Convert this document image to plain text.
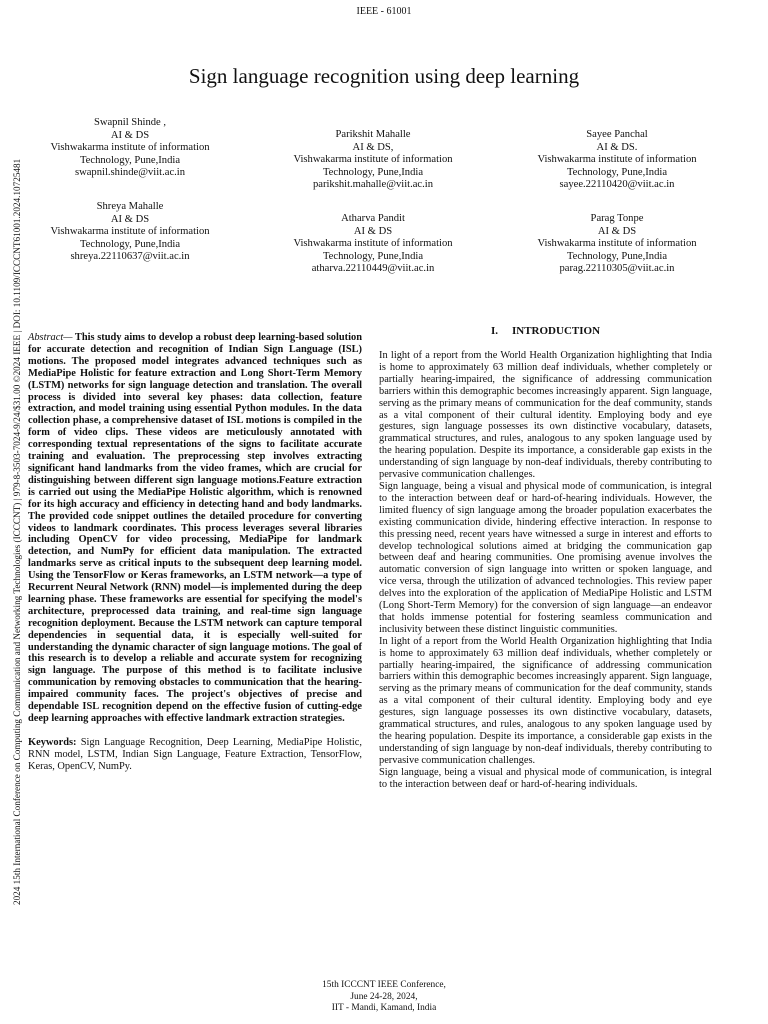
IEEE - 61001
2024 15th International Conference on Computing Communication and Networking Technologies (ICCCNT) | 979-8-3503-7024-9/24/$31.00 ©2024 IEEE | DOI: 10.1109/ICCCNT61001.2024.10725481
Sign language recognition using deep learning
Swapnil Shinde ,
AI & DS
Vishwakarma institute of information
Technology, Pune,India
swapnil.shinde@viit.ac.in
Parikshit Mahalle
AI & DS,
Vishwakarma institute of information
Technology, Pune,India
parikshit.mahalle@viit.ac.in
Sayee Panchal
AI & DS.
Vishwakarma institute of information
Technology, Pune,India
sayee.22110420@viit.ac.in
Shreya Mahalle
AI & DS
Vishwakarma institute of information
Technology, Pune,India
shreya.22110637@viit.ac.in
Atharva Pandit
AI & DS
Vishwakarma institute of information
Technology, Pune,India
atharva.22110449@viit.ac.in
Parag Tonpe
AI & DS
Vishwakarma institute of information
Technology, Pune,India
parag.22110305@viit.ac.in

Abstract— This study aims to develop a robust deep learning-based solution for accurate detection and recognition of Indian Sign Language (ISL) motions. The proposed model integrates advanced techniques such as MediaPipe Holistic for feature extraction and Long Short-Term Memory (LSTM) networks for sign language detection and translation. The overall process is divided into several key phases: data collection, feature extraction, and model training using essential Python modules. In the data collection phase, a comprehensive dataset of ISL motions is compiled in the form of video clips. These videos are meticulously annotated with corresponding textual representations of the signs to facilitate accurate training and evaluation. The preprocessing step involves extracting significant hand landmarks from the video frames, which are crucial for distinguishing between different sign language motions.Feature extraction is carried out using the MediaPipe Holistic algorithm, which is renowned for its high accuracy and efficiency in detecting hand and body landmarks. The provided code snippet outlines the detailed procedure for converting videos to landmark coordinates. This process leverages several libraries including OpenCV for video processing, MediaPipe for landmark detection, and NumPy for efficient data manipulation. The extracted landmarks serve as critical inputs to the subsequent deep learning model. Using the TensorFlow or Keras frameworks, an LSTM network—a type of Recurrent Neural Network (RNN) model—is implemented during the deep learning phase. These frameworks are essential for specifying the model's architecture, preprocessed data training, and real-time sign language recognition deployment. Because the LSTM network can capture temporal dependencies in sequential data, it is especially well-suited for understanding the dynamic character of sign language motions. The goal of this research is to develop a reliable and accurate system for recognizing sign language. The purpose of this method is to facilitate inclusive communication by removing obstacles to communication that the hearing-impaired community faces. The project's objectives of precise and dependable ISL recognition depend on the effective fusion of cutting-edge deep learning approaches with effective landmark extraction strategies.

Keywords: Sign Language Recognition, Deep Learning, MediaPipe Holistic, RNN model, LSTM, Indian Sign Language, Feature Extraction, TensorFlow, Keras, OpenCV, NumPy.

I. INTRODUCTION

In light of a report from the World Health Organization highlighting that India is home to approximately 63 million deaf individuals, whether completely or partially hearing-impaired, the significance of addressing communication barriers within this demographic becomes increasingly apparent. Sign language, serving as the primary means of communication for the deaf community, stands as a vital component of their cultural identity. Employing body and eye gestures, sign language possesses its own distinctive vocabulary, datasets, grammatical structures, and rules, analogous to any spoken language used by the hearing population. Despite its importance, a considerable gap exists in the understanding of sign language by non-deaf individuals, thereby contributing to pervasive communication challenges.

Sign language, being a visual and physical mode of communication, is integral to the interaction between deaf or hard-of-hearing individuals. However, the limited fluency of sign language among the broader population exacerbates the existing communication divide, hindering effective interaction. In response to this pressing need, recent years have witnessed a surge in interest and efforts to develop technological solutions aimed at bridging the communication gap between deaf and hearing communities. One promising avenue involves the automatic conversion of sign language into written or spoken language, and vice versa, through the utilization of advanced technologies. This review paper delves into the exploration of the application of MediaPipe Holistic and LSTM (Long Short-Term Memory) for the conversion of sign language—an endeavor that holds immense potential for fostering seamless communication and inclusivity between these distinct linguistic communities.

In light of a report from the World Health Organization highlighting that India is home to approximately 63 million deaf individuals, whether completely or partially hearing-impaired, the significance of addressing communication barriers within this demographic becomes increasingly apparent. Sign language, serving as the primary means of communication for the deaf community, stands as a vital component of their cultural identity. Employing body and eye gestures, sign language possesses its own distinctive vocabulary, datasets, grammatical structures, and rules, analogous to any spoken language used by the hearing population. Despite its importance, a considerable gap exists in the understanding of sign language by non-deaf individuals, thereby contributing to pervasive communication challenges.

Sign language, being a visual and physical mode of communication, is integral to the interaction between deaf or hard-of-hearing individuals.

15th ICCCNT IEEE Conference,
June 24-28, 2024,
IIT - Mandi, Kamand, India
